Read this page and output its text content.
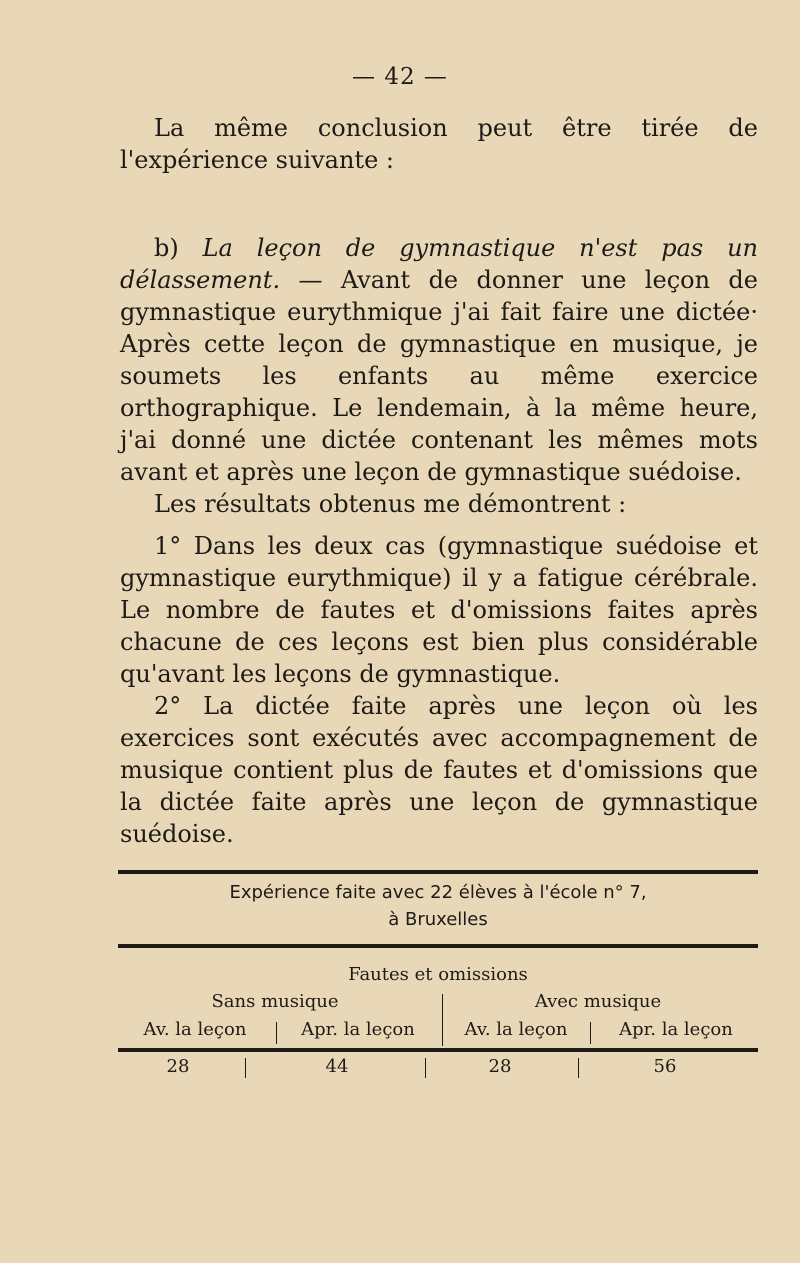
— 42 —

La même conclusion peut être tirée de l'expérience suivante :

b) La leçon de gymnastique n'est pas un délassement. — Avant de donner une leçon de gymnastique eurythmique j'ai fait faire une dictée· Après cette leçon de gymnastique en musique, je soumets les enfants au même exercice orthographique. Le lendemain, à la même heure, j'ai donné une dictée contenant les mêmes mots avant et après une leçon de gymnastique suédoise.

Les résultats obtenus me démontrent :

1° Dans les deux cas (gymnastique suédoise et gymnastique eurythmique) il y a fatigue cérébrale. Le nombre de fautes et d'omissions faites après chacune de ces leçons est bien plus considérable qu'avant les leçons de gymnastique.

2° La dictée faite après une leçon où les exercices sont exécutés avec accompagnement de musique contient plus de fautes et d'omissions que la dictée faite après une leçon de gymnastique suédoise.

Expérience faite avec 22 élèves à l'école n° 7,
à Bruxelles
Fautes et omissions
Sans musique	Avec musique
Av. la leçon	Apr. la leçon	Av. la leçon	Apr. la leçon
28	44	28	56
